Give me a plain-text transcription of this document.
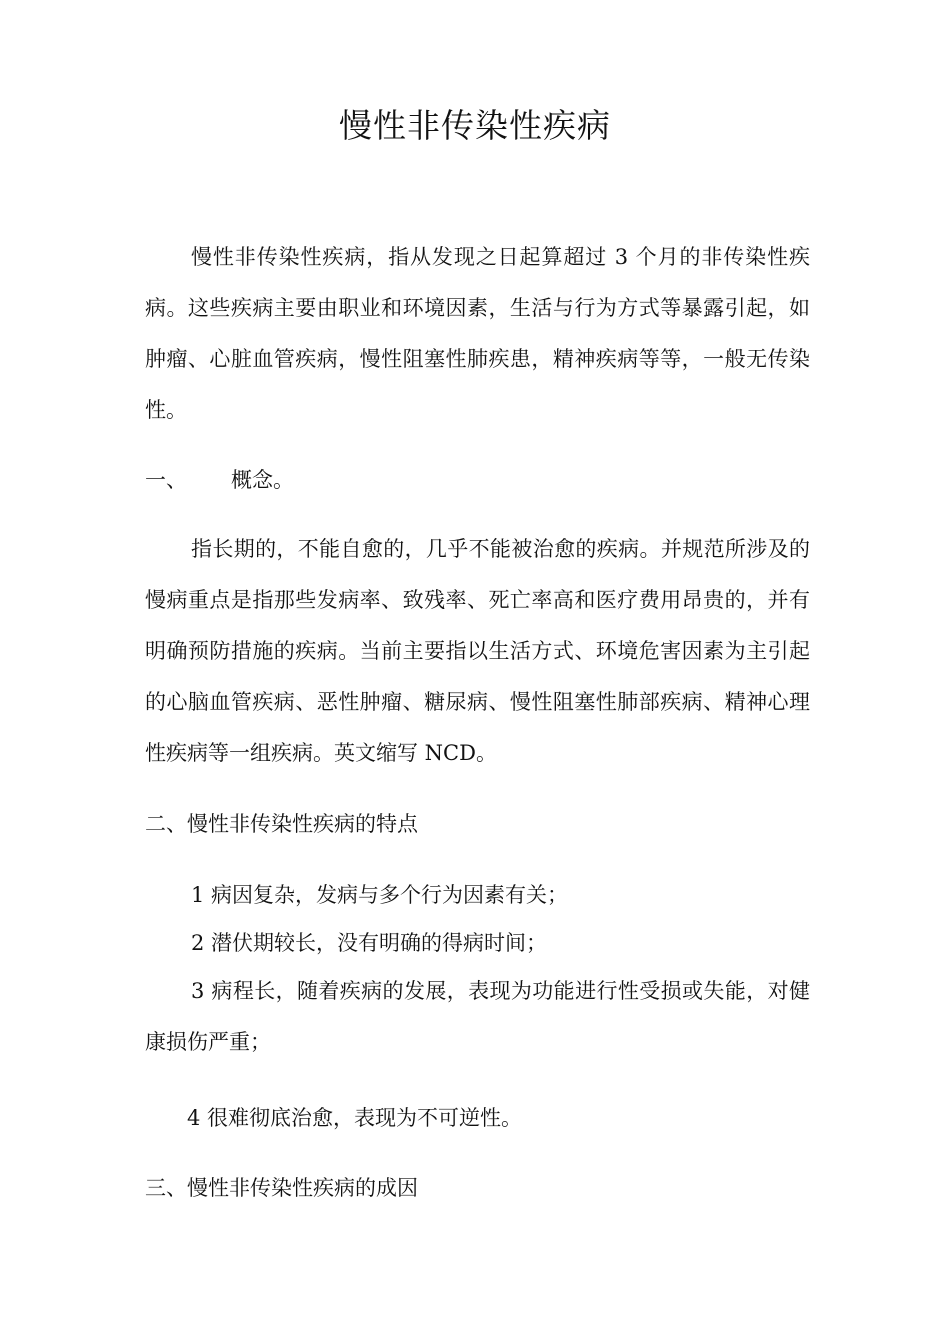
慢性非传染性疾病
慢性非传染性疾病，指从发现之日起算超过 3 个月的非传染性疾病。这些疾病主要由职业和环境因素，生活与行为方式等暴露引起，如肿瘤、心脏血管疾病，慢性阻塞性肺疾患，精神疾病等等，一般无传染性。
一、 概念。
指长期的，不能自愈的，几乎不能被治愈的疾病。并规范所涉及的慢病重点是指那些发病率、致残率、死亡率高和医疗费用昂贵的，并有明确预防措施的疾病。当前主要指以生活方式、环境危害因素为主引起的心脑血管疾病、恶性肿瘤、糖尿病、慢性阻塞性肺部疾病、精神心理性疾病等一组疾病。英文缩写 NCD。
二、慢性非传染性疾病的特点
1 病因复杂，发病与多个行为因素有关；
2 潜伏期较长，没有明确的得病时间；
3 病程长，随着疾病的发展，表现为功能进行性受损或失能，对健康损伤严重；
4 很难彻底治愈，表现为不可逆性。
三、慢性非传染性疾病的成因
